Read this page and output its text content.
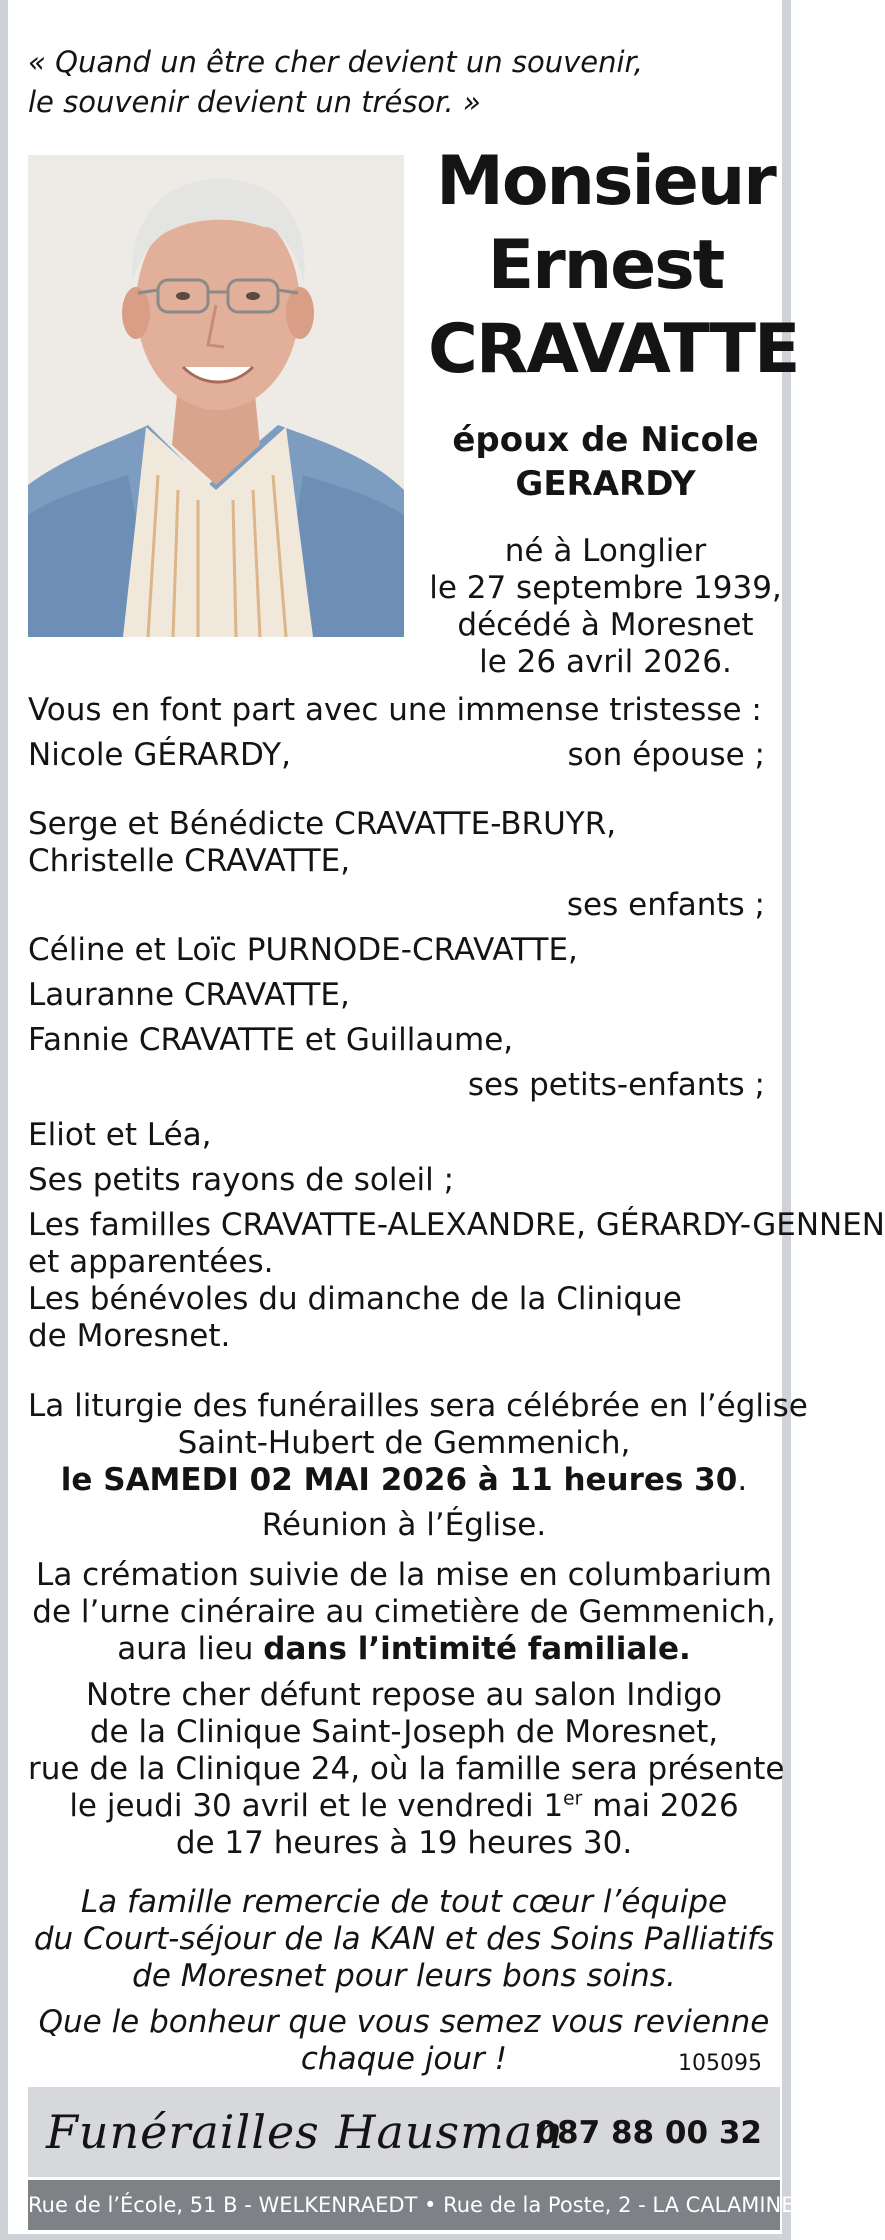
« Quand un être cher devient un souvenir,
le souvenir devient un trésor. »
Monsieur
Ernest
CRAVATTE
époux de Nicole
GERARDY
né à Longlier
le 27 septembre 1939,
décédé à Moresnet
le 26 avril 2026.
Vous en font part avec une immense tristesse :
Nicole GÉRARDY,	son épouse ;
Serge et Bénédicte CRAVATTE-BRUYR,
Christelle CRAVATTE,
ses enfants ;
Céline et Loïc PURNODE-CRAVATTE,
Lauranne CRAVATTE,
Fannie CRAVATTE et Guillaume,
ses petits-enfants ;
Eliot et Léa,
Ses petits rayons de soleil ;
Les familles CRAVATTE-ALEXANDRE, GÉRARDY-GENNEN
et apparentées.
Les bénévoles du dimanche de la Clinique
de Moresnet.
La liturgie des funérailles sera célébrée en l’église
Saint-Hubert de Gemmenich,
le SAMEDI 02 MAI 2026 à 11 heures 30.
Réunion à l’Église.
La crémation suivie de la mise en columbarium
de l’urne cinéraire au cimetière de Gemmenich,
aura lieu dans l’intimité familiale.
Notre cher défunt repose au salon Indigo
de la Clinique Saint-Joseph de Moresnet,
rue de la Clinique 24, où la famille sera présente
le jeudi 30 avril et le vendredi 1er mai 2026
de 17 heures à 19 heures 30.
La famille remercie de tout cœur l’équipe
du Court-séjour de la KAN et des Soins Palliatifs
de Moresnet pour leurs bons soins.
Que le bonheur que vous semez vous revienne
chaque jour !	105095
Funérailles Hausman
087 88 00 32
Rue de l’École, 51 B - WELKENRAEDT • Rue de la Poste, 2 - LA CALAMINE
